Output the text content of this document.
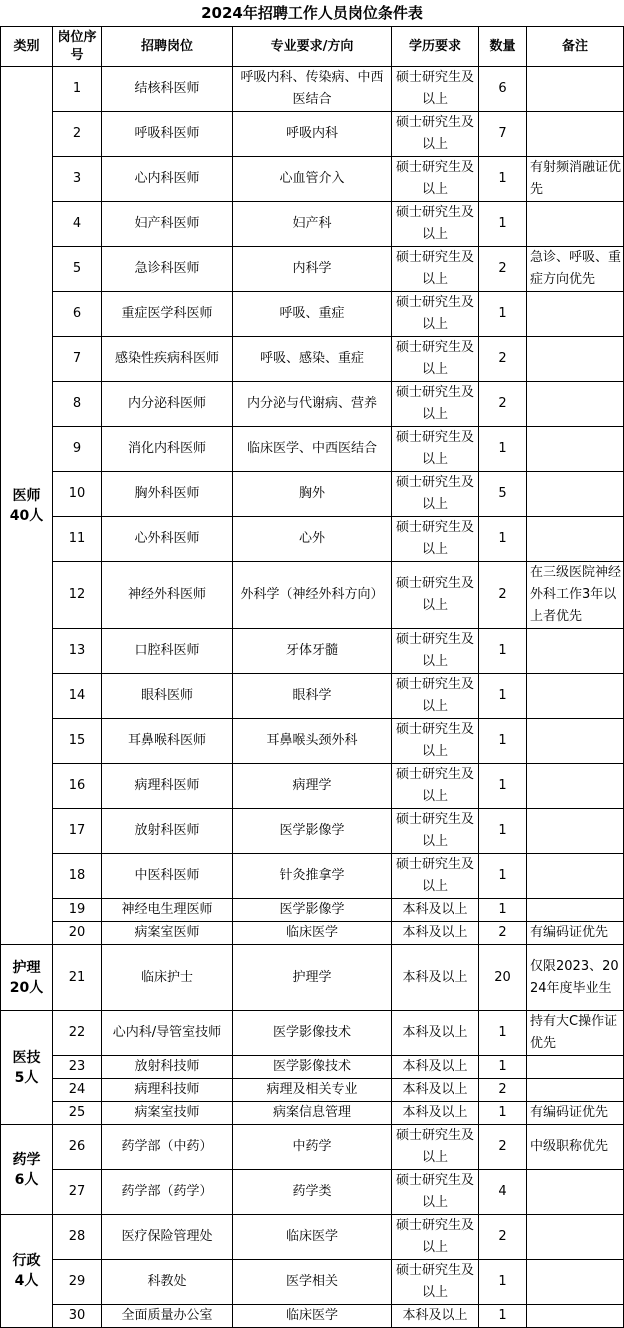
2024年招聘工作人员岗位条件表
类别	岗位序号	招聘岗位	专业要求/方向	学历要求	数量	备注

医师
40人	1	结核科医师	呼吸内科、传染病、中西医结合	硕士研究生及以上	6	
	2	呼吸科医师	呼吸内科	硕士研究生及以上	7	
	3	心内科医师	心血管介入	硕士研究生及以上	1	有射频消融证优先
	4	妇产科医师	妇产科	硕士研究生及以上	1	
	5	急诊科医师	内科学	硕士研究生及以上	2	急诊、呼吸、重症方向优先
	6	重症医学科医师	呼吸、重症	硕士研究生及以上	1	
	7	感染性疾病科医师	呼吸、感染、重症	硕士研究生及以上	2	
	8	内分泌科医师	内分泌与代谢病、营养	硕士研究生及以上	2	
	9	消化内科医师	临床医学、中西医结合	硕士研究生及以上	1	
	10	胸外科医师	胸外	硕士研究生及以上	5	
	11	心外科医师	心外	硕士研究生及以上	1	
	12	神经外科医师	外科学（神经外科方向）	硕士研究生及以上	2	在三级医院神经外科工作3年以上者优先
	13	口腔科医师	牙体牙髓	硕士研究生及以上	1	
	14	眼科医师	眼科学	硕士研究生及以上	1	
	15	耳鼻喉科医师	耳鼻喉头颈外科	硕士研究生及以上	1	
	16	病理科医师	病理学	硕士研究生及以上	1	
	17	放射科医师	医学影像学	硕士研究生及以上	1	
	18	中医科医师	针灸推拿学	硕士研究生及以上	1	
	19	神经电生理医师	医学影像学	本科及以上	1	
	20	病案室医师	临床医学	本科及以上	2	有编码证优先

护理
20人	21	临床护士	护理学	本科及以上	20	仅限2023、2024年度毕业生

医技
5人	22	心内科/导管室技师	医学影像技术	本科及以上	1	持有大C操作证优先
	23	放射科技师	医学影像技术	本科及以上	1	
	24	病理科技师	病理及相关专业	本科及以上	2	
	25	病案室技师	病案信息管理	本科及以上	1	有编码证优先

药学
6人	26	药学部（中药）	中药学	硕士研究生及以上	2	中级职称优先
	27	药学部（药学）	药学类	硕士研究生及以上	4	

行政
4人	28	医疗保险管理处	临床医学	硕士研究生及以上	2	
	29	科教处	医学相关	硕士研究生及以上	1	
	30	全面质量办公室	临床医学	本科及以上	1	
